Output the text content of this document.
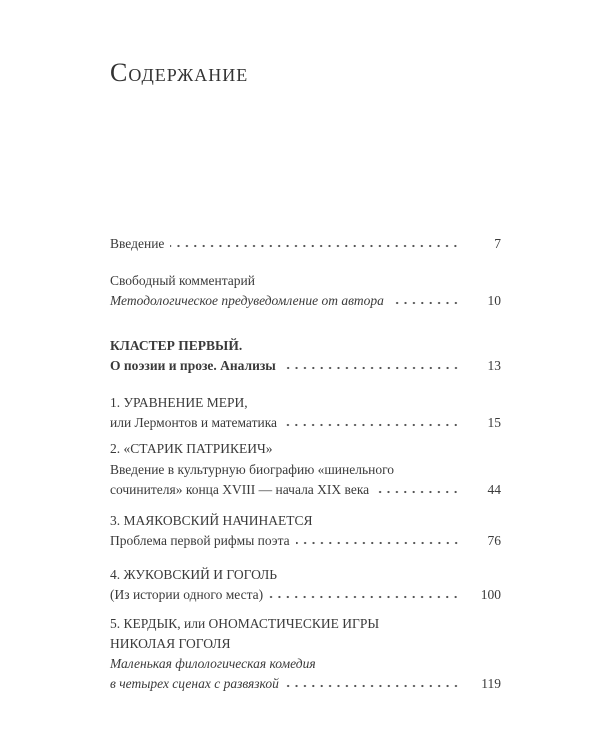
Содержание
Введение	7
Свободный комментарий
Методологическое предуведомление от автора	10
КЛАСТЕР ПЕРВЫЙ.
О поэзии и прозе. Анализы	13
1. УРАВНЕНИЕ МЕРИ,
или Лермонтов и математика	15
2. «СТАРИК ПАТРИКЕИЧ»
Введение в культурную биографию «шинельного
сочинителя» конца XVIII — начала XIX века	44
3. МАЯКОВСКИЙ НАЧИНАЕТСЯ
Проблема первой рифмы поэта	76
4. ЖУКОВСКИЙ И ГОГОЛЬ
(Из истории одного места)	100
5. КЕРДЫК, или ОНОМАСТИЧЕСКИЕ ИГРЫ
НИКОЛАЯ ГОГОЛЯ
Маленькая филологическая комедия
в четырех сценах с развязкой	119
